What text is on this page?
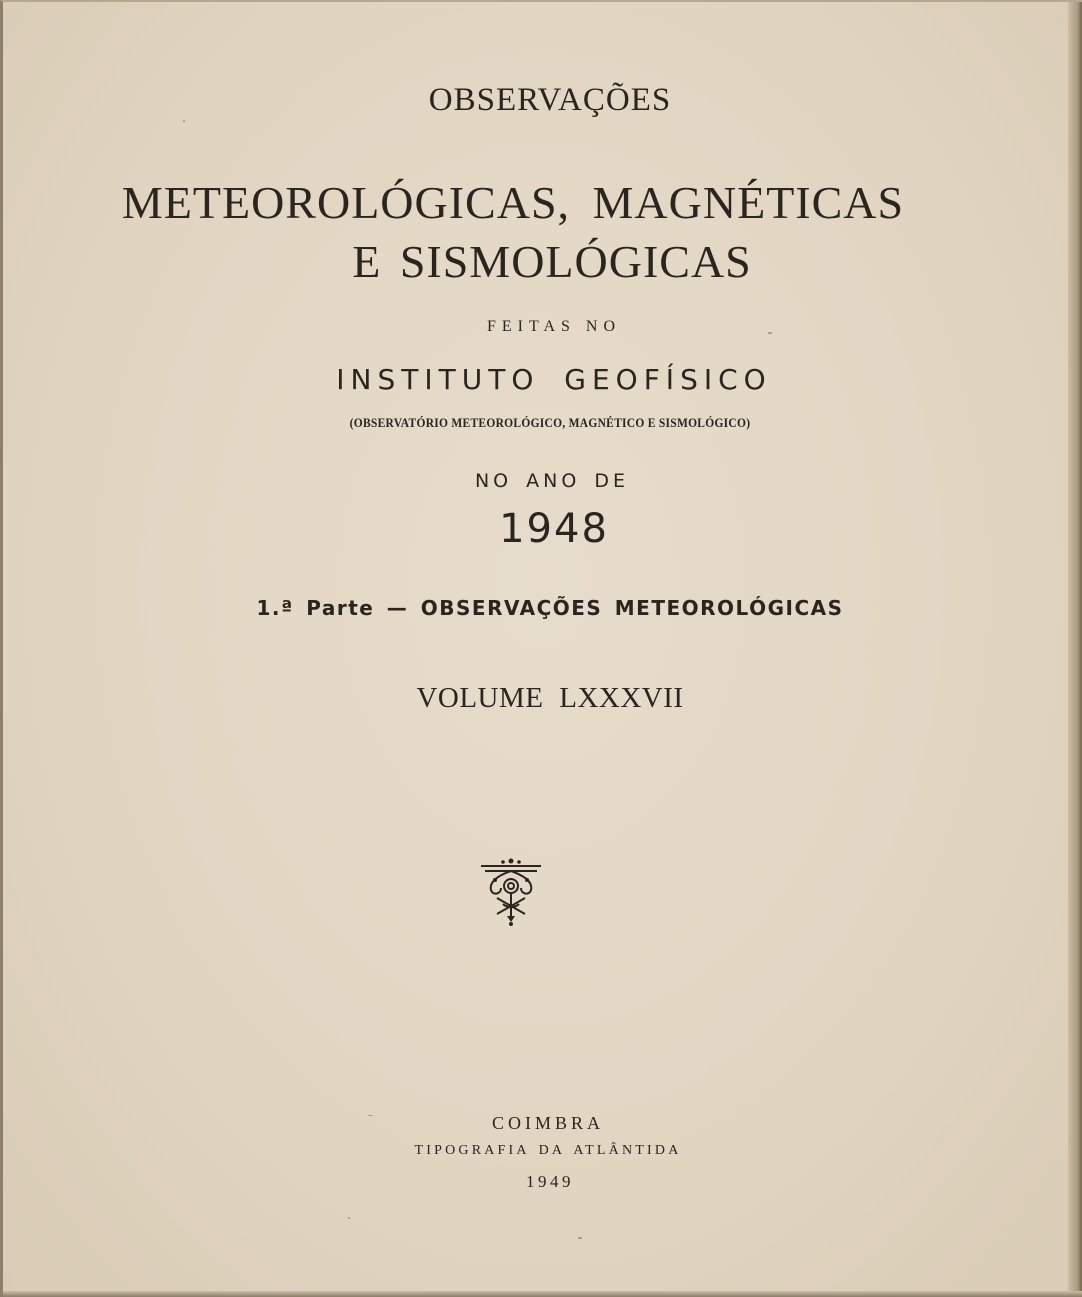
OBSERVAÇÕES
METEOROLÓGICAS, MAGNÉTICAS
E SISMOLÓGICAS
FEITAS NO
INSTITUTO GEOFÍSICO
(OBSERVATÓRIO METEOROLÓGICO, MAGNÉTICO E SISMOLÓGICO)
NO ANO DE
1948
1.ª Parte — OBSERVAÇÕES METEOROLÓGICAS
VOLUME LXXXVII
COIMBRA
TIPOGRAFIA DA ATLÂNTIDA
1949
